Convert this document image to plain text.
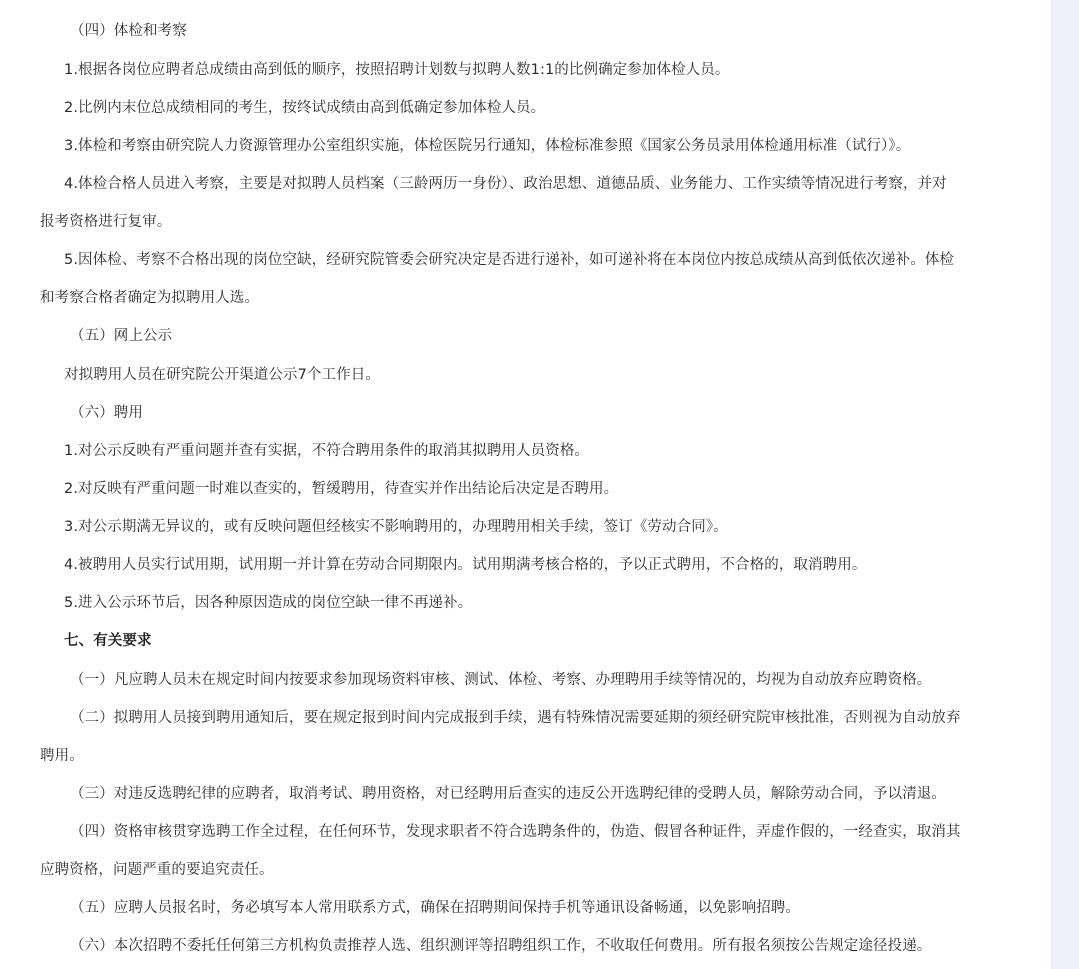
（四）体检和考察
1.根据各岗位应聘者总成绩由高到低的顺序，按照招聘计划数与拟聘人数1:1的比例确定参加体检人员。
2.比例内末位总成绩相同的考生，按终试成绩由高到低确定参加体检人员。
3.体检和考察由研究院人力资源管理办公室组织实施，体检医院另行通知，体检标准参照《国家公务员录用体检通用标准（试行）》。
4.体检合格人员进入考察，主要是对拟聘人员档案（三龄两历一身份）、政治思想、道德品质、业务能力、工作实绩等情况进行考察，并对
报考资格进行复审。
5.因体检、考察不合格出现的岗位空缺，经研究院管委会研究决定是否进行递补，如可递补将在本岗位内按总成绩从高到低依次递补。体检
和考察合格者确定为拟聘用人选。
（五）网上公示
对拟聘用人员在研究院公开渠道公示7个工作日。
（六）聘用
1.对公示反映有严重问题并查有实据，不符合聘用条件的取消其拟聘用人员资格。
2.对反映有严重问题一时难以查实的，暂缓聘用，待查实并作出结论后决定是否聘用。
3.对公示期满无异议的，或有反映问题但经核实不影响聘用的，办理聘用相关手续，签订《劳动合同》。
4.被聘用人员实行试用期，试用期一并计算在劳动合同期限内。试用期满考核合格的，予以正式聘用，不合格的，取消聘用。
5.进入公示环节后，因各种原因造成的岗位空缺一律不再递补。
七、有关要求
（一）凡应聘人员未在规定时间内按要求参加现场资料审核、测试、体检、考察、办理聘用手续等情况的，均视为自动放弃应聘资格。
（二）拟聘用人员接到聘用通知后，要在规定报到时间内完成报到手续，遇有特殊情况需要延期的须经研究院审核批准，否则视为自动放弃
聘用。
（三）对违反选聘纪律的应聘者，取消考试、聘用资格，对已经聘用后查实的违反公开选聘纪律的受聘人员，解除劳动合同，予以清退。
（四）资格审核贯穿选聘工作全过程，在任何环节，发现求职者不符合选聘条件的，伪造、假冒各种证件，弄虚作假的，一经查实，取消其
应聘资格，问题严重的要追究责任。
（五）应聘人员报名时，务必填写本人常用联系方式，确保在招聘期间保持手机等通讯设备畅通，以免影响招聘。
（六）本次招聘不委托任何第三方机构负责推荐人选、组织测评等招聘组织工作，不收取任何费用。所有报名须按公告规定途径投递。
